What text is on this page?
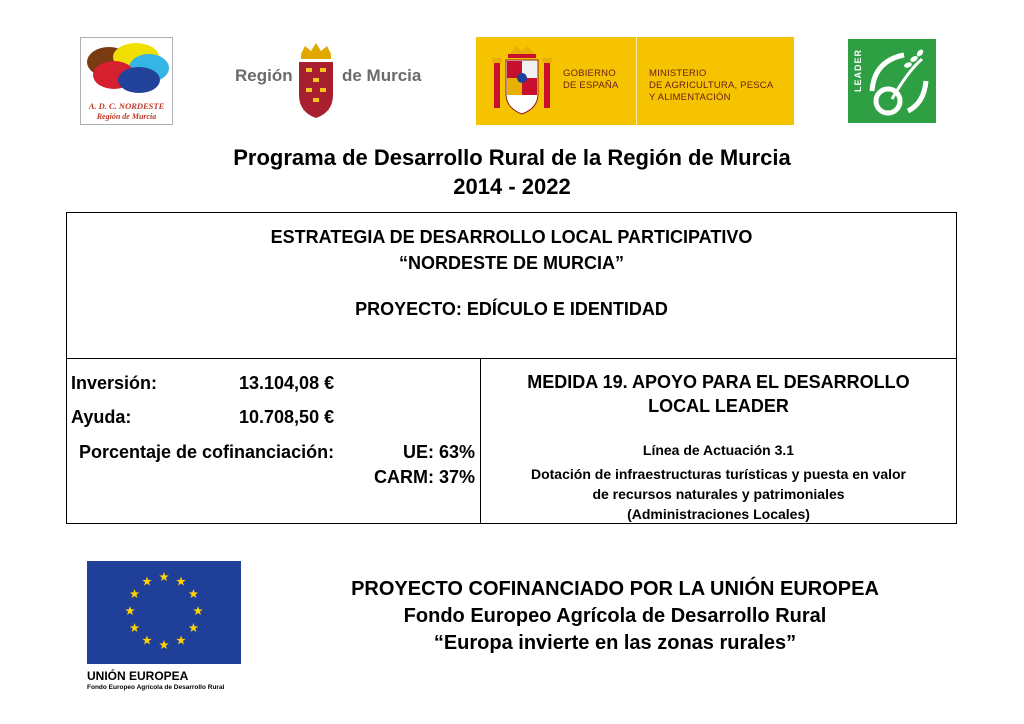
A. D. C. NORDESTE
Región de Murcia
Región	de Murcia	GOBIERNO
DE ESPAÑA
MINISTERIO
DE AGRICULTURA, PESCA
Y ALIMENTACIÓN
LEADER
Programa de Desarrollo Rural de la Región de Murcia
2014 - 2022
ESTRATEGIA DE DESARROLLO LOCAL PARTICIPATIVO
“NORDESTE DE MURCIA”
PROYECTO: EDÍCULO E IDENTIDAD
Inversión:	13.104,08 €
Ayuda:	10.708,50 €
Porcentaje de cofinanciación:	UE: 63%
CARM: 37%
MEDIDA 19. APOYO PARA EL DESARROLLO
LOCAL LEADER
Línea de Actuación 3.1
Dotación de infraestructuras turísticas y puesta en valor
de recursos naturales y patrimoniales
(Administraciones Locales)
UNIÓN EUROPEA
Fondo Europeo Agrícola de Desarrollo Rural
PROYECTO COFINANCIADO POR LA UNIÓN EUROPEA
Fondo Europeo Agrícola de Desarrollo Rural
“Europa invierte en las zonas rurales”
